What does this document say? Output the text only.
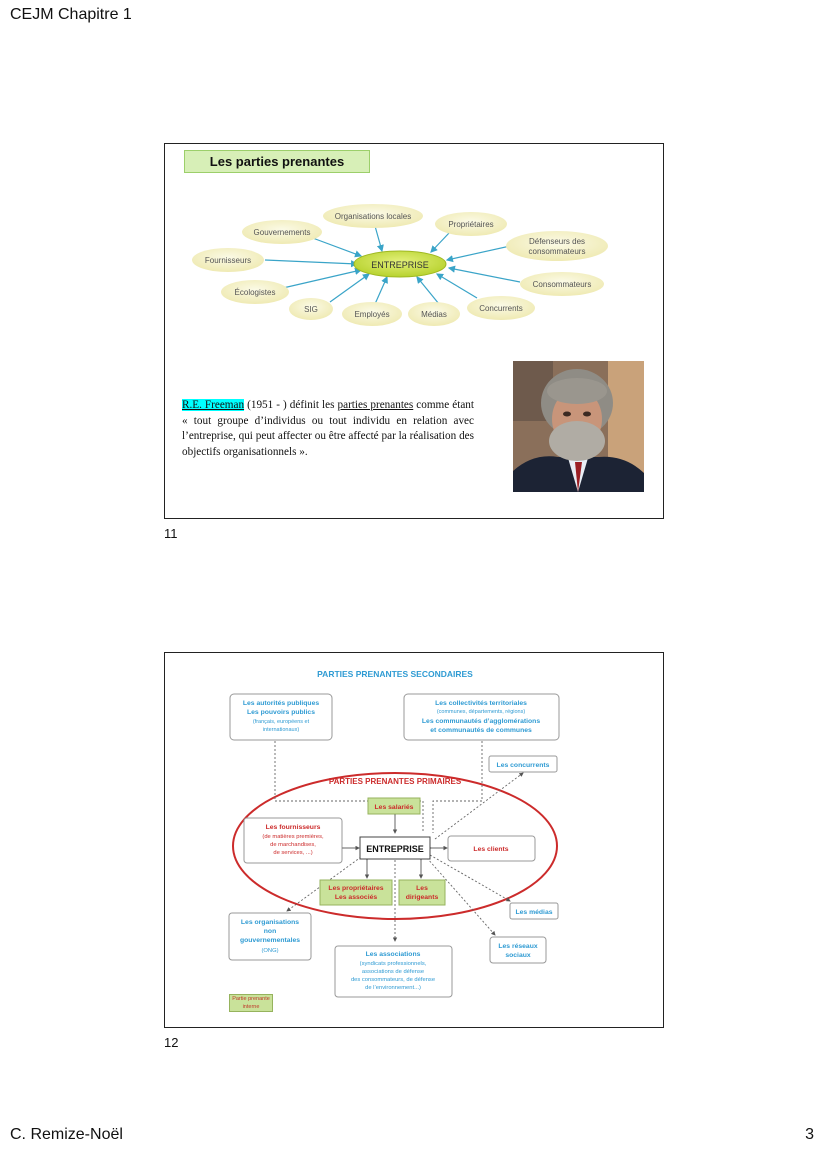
CEJM Chapitre 1
C. Remize-Noël	3
Les parties prenantes
Gouvernements
Organisations locales
Propriétaires
Défenseurs des
consommateurs
Fournisseurs
Consommateurs
Écologistes
SIG
Employés	Médias
Concurrents
ENTREPRISE
R.E. Freeman (1951 - ) définit les parties prenantes comme étant « tout groupe d’individus ou tout individu en relation avec l’entreprise, qui peut affecter ou être affecté par la réalisation des objectifs organisationnels ».
11
PARTIES PRENANTES SECONDAIRES
PARTIES PRENANTES PRIMAIRES
Les autorités publiques
Les pouvoirs publics
(français, européens et
internationaux)
Les collectivités territoriales
(communes, départements, régions)
Les communautés d’agglomérations
et communautés de communes
Les concurrents
Les salariés
Les fournisseurs
(de matières premières,
de marchandises,
de services, ...)	ENTREPRISE	Les clients
Les propriétaires
Les associés
Les
dirigeants
Les médias
Les organisations
non
gouvernementales
(ONG)	Les associations
(syndicats professionnels,
associations de défense
des consommateurs, de défense
de l’environnement...)
Les réseaux
sociaux
Partie prenante
interne
12
